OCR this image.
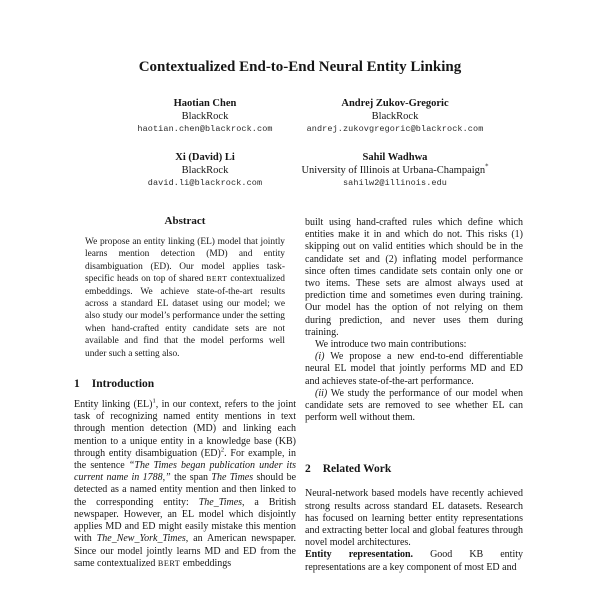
Contextualized End-to-End Neural Entity Linking
Haotian Chen
BlackRock
haotian.chen@blackrock.com
Andrej Zukov-Gregoric
BlackRock
andrej.zukovgregoric@blackrock.com
Xi (David) Li
BlackRock
david.li@blackrock.com
Sahil Wadhwa
University of Illinois at Urbana-Champaign*
sahilw2@illinois.edu
Abstract

We propose an entity linking (EL) model that jointly learns mention detection (MD) and entity disambiguation (ED). Our model applies task-specific heads on top of shared BERT contextualized embeddings. We achieve state-of-the-art results across a standard EL dataset using our model; we also study our model’s performance under the setting when hand-crafted entity candidate sets are not available and find that the model performs well under such a setting also.

1 Introduction

Entity linking (EL)$^1$, in our context, refers to the joint task of recognizing named entity mentions in text through mention detection (MD) and linking each mention to a unique entity in a knowledge base (KB) through entity disambiguation (ED)$^2$. For example, in the sentence “The Times began publication under its current name in 1788,” the span The Times should be detected as a named entity mention and then linked to the corresponding entity: The_Times, a British newspaper. However, an EL model which disjointly applies MD and ED might easily mistake this mention with The_New_York_Times, an American newspaper. Since our model jointly learns MD and ED from the same contextualized BERT embeddings

built using hand-crafted rules which define which entities make it in and which do not. This risks (1) skipping out on valid entities which should be in the candidate set and (2) inflating model performance since often times candidate sets contain only one or two items. These sets are almost always used at prediction time and sometimes even during training. Our model has the option of not relying on them during prediction, and never uses them during training.

We introduce two main contributions:

(i) We propose a new end-to-end differentiable neural EL model that jointly performs MD and ED and achieves state-of-the-art performance.

(ii) We study the performance of our model when candidate sets are removed to see whether EL can perform well without them.

2 Related Work

Neural-network based models have recently achieved strong results across standard EL datasets. Research has focused on learning better entity representations and extracting better local and global features through novel model architectures.

Entity representation. Good KB entity representations are a key component of most ED and
